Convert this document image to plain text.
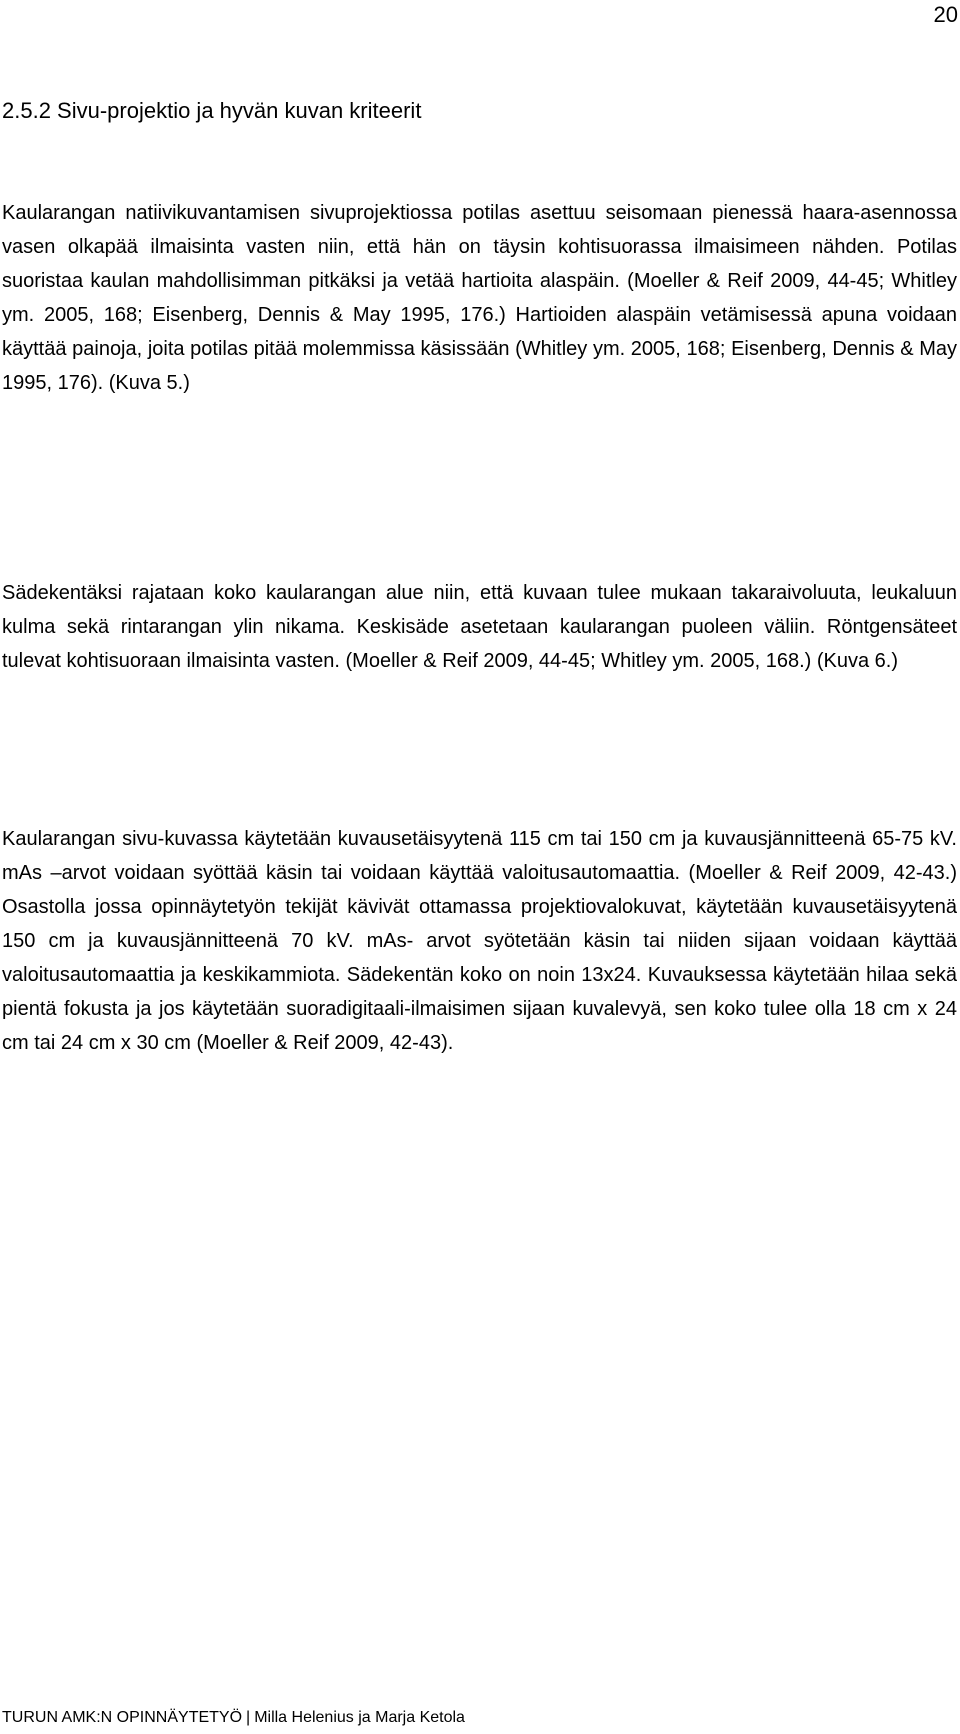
20
2.5.2 Sivu-projektio ja hyvän kuvan kriteerit

Kaularangan natiivikuvantamisen sivuprojektiossa potilas asettuu seisomaan pienessä haara-asennossa vasen olkapää ilmaisinta vasten niin, että hän on täysin kohtisuorassa ilmaisimeen nähden. Potilas suoristaa kaulan mahdollisimman pitkäksi ja vetää hartioita alaspäin. (Moeller & Reif 2009, 44-45; Whitley ym. 2005, 168; Eisenberg, Dennis & May 1995, 176.) Hartioiden alaspäin vetämisessä apuna voidaan käyttää painoja, joita potilas pitää molemmissa käsissään (Whitley ym. 2005, 168; Eisenberg, Dennis & May 1995, 176). (Kuva 5.)

Sädekentäksi rajataan koko kaularangan alue niin, että kuvaan tulee mukaan takaraivoluuta, leukaluun kulma sekä rintarangan ylin nikama. Keskisäde asetetaan kaularangan puoleen väliin. Röntgensäteet tulevat kohtisuoraan ilmaisinta vasten. (Moeller & Reif 2009, 44-45; Whitley ym. 2005, 168.) (Kuva 6.)

Kaularangan sivu-kuvassa käytetään kuvausetäisyytenä 115 cm tai 150 cm ja kuvausjännitteenä 65-75 kV. mAs –arvot voidaan syöttää käsin tai voidaan käyttää valoitusautomaattia. (Moeller & Reif 2009, 42-43.) Osastolla jossa opinnäytetyön tekijät kävivät ottamassa projektiovalokuvat, käytetään kuvausetäisyytenä 150 cm ja kuvausjännitteenä 70 kV. mAs- arvot syötetään käsin tai niiden sijaan voidaan käyttää valoitusautomaattia ja keskikammiota. Sädekentän koko on noin 13x24. Kuvauksessa käytetään hilaa sekä pientä fokusta ja jos käytetään suoradigitaali-ilmaisimen sijaan kuvalevyä, sen koko tulee olla 18 cm x 24 cm tai 24 cm x 30 cm (Moeller & Reif 2009, 42-43).

TURUN AMK:N OPINNÄYTETYÖ | Milla Helenius ja Marja Ketola
